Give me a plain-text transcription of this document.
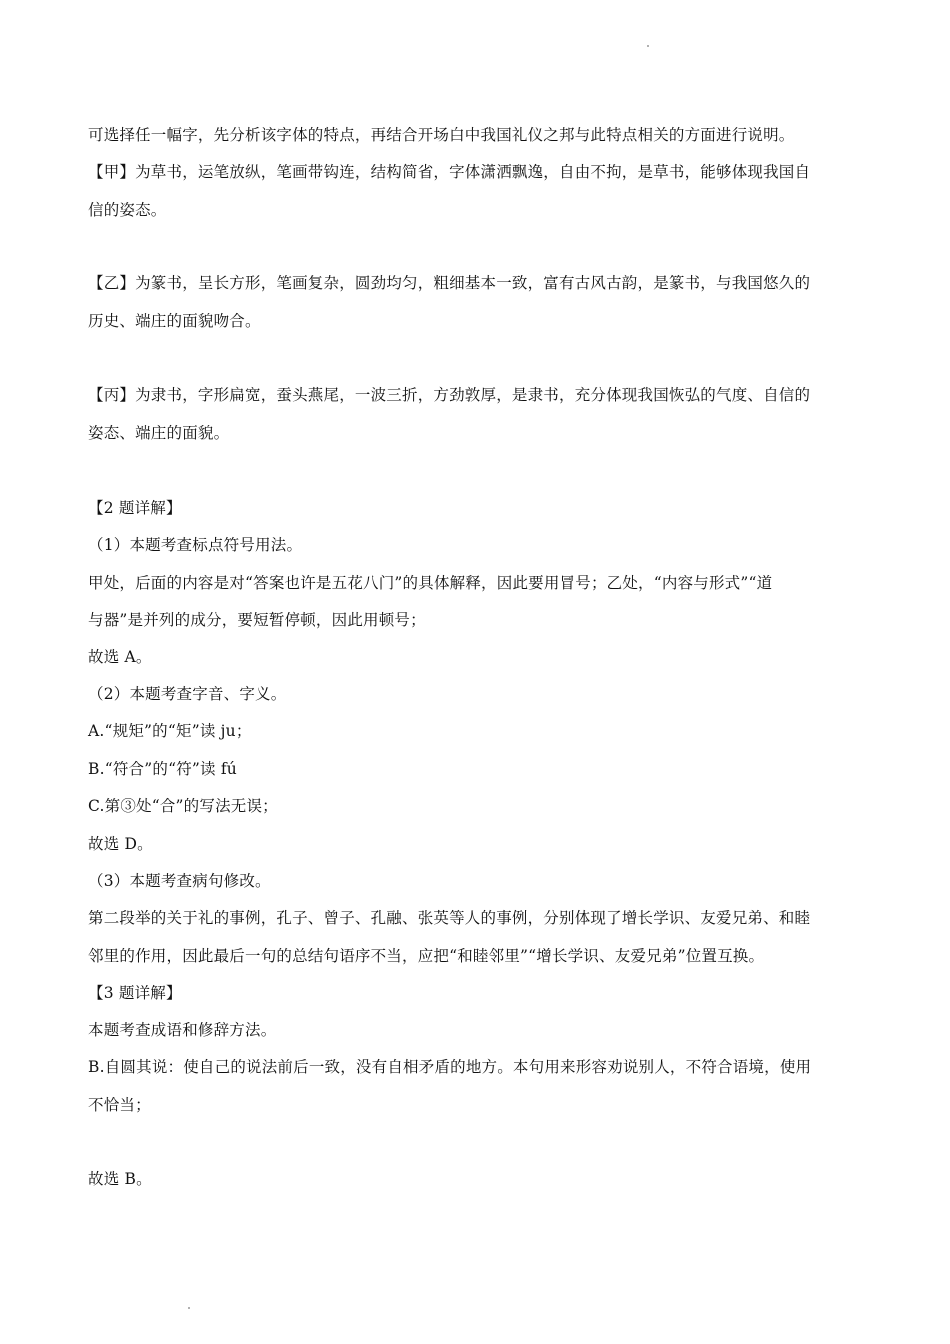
可选择任一幅字，先分析该字体的特点，再结合开场白中我国礼仪之邦与此特点相关的方面进行说明。
【甲】为草书，运笔放纵，笔画带钩连，结构简省，字体潇洒飘逸，自由不拘，是草书，能够体现我国自
信的姿态。
【乙】为篆书，呈长方形，笔画复杂，圆劲均匀，粗细基本一致，富有古风古韵，是篆书，与我国悠久的
历史、端庄的面貌吻合。
【丙】为隶书，字形扁宽，蚕头燕尾，一波三折，方劲敦厚，是隶书，充分体现我国恢弘的气度、自信的
姿态、端庄的面貌。
【2 题详解】
（1）本题考查标点符号用法。
甲处，后面的内容是对“答案也许是五花八门”的具体解释，因此要用冒号；乙处，“内容与形式”“道
与器”是并列的成分，要短暂停顿，因此用顿号；
故选 A。
（2）本题考查字音、字义。
A.“规矩”的“矩”读 ju；
B.“符合”的“符”读 fú
C.第③处“合”的写法无误；
故选 D。
（3）本题考查病句修改。
第二段举的关于礼的事例，孔子、曾子、孔融、张英等人的事例，分别体现了增长学识、友爱兄弟、和睦
邻里的作用，因此最后一句的总结句语序不当，应把“和睦邻里”“增长学识、友爱兄弟”位置互换。
【3 题详解】
本题考查成语和修辞方法。
B.自圆其说：使自己的说法前后一致，没有自相矛盾的地方。本句用来形容劝说别人，不符合语境，使用
不恰当；
故选 B。
